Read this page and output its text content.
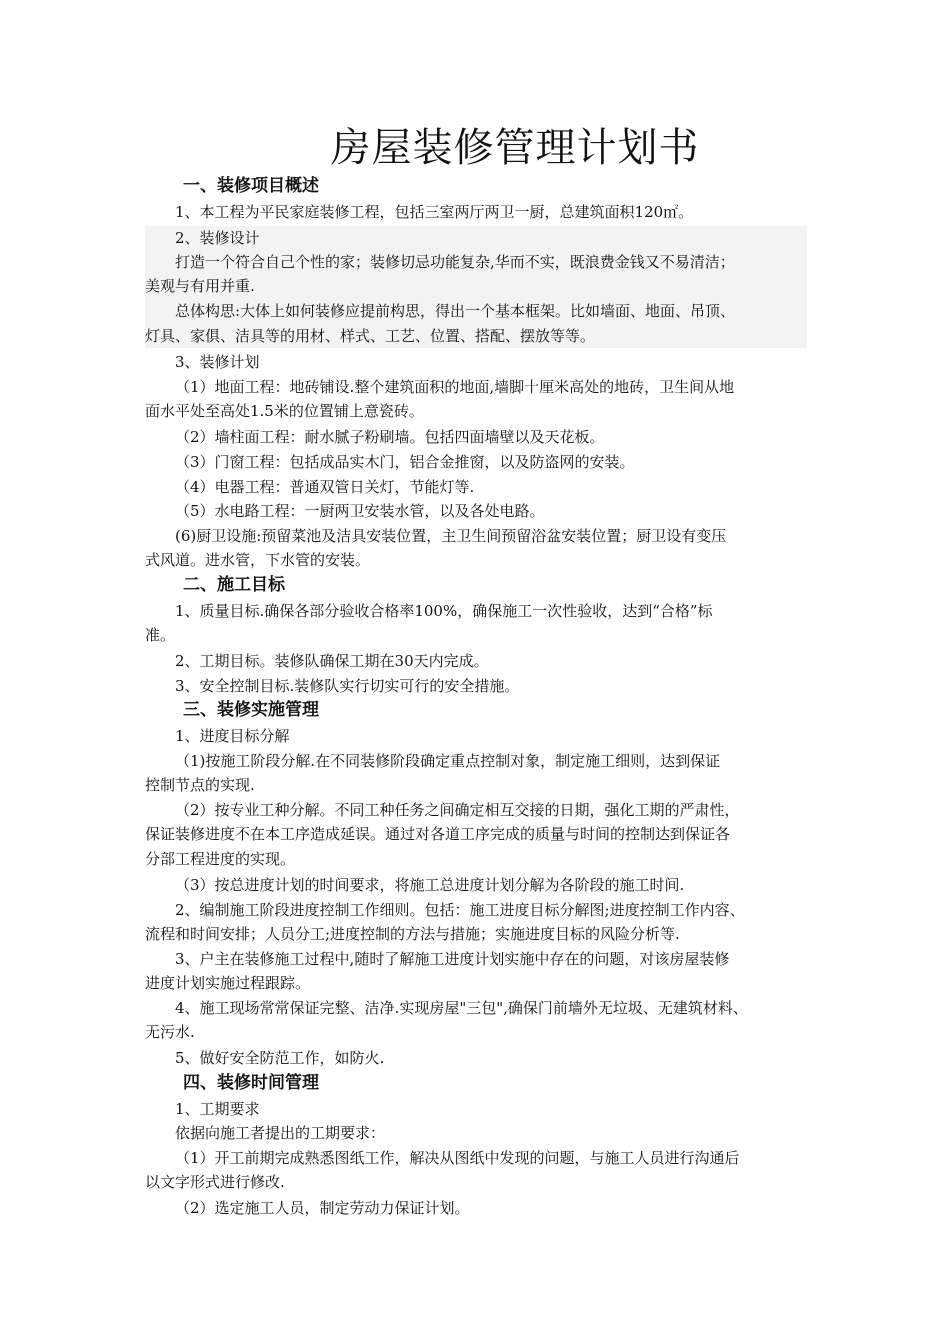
房屋装修管理计划书
一、装修项目概述
1、本工程为平民家庭装修工程，包括三室两厅两卫一厨，总建筑面积120㎡。
2、装修设计
打造一个符合自己个性的家；装修切忌功能复杂,华而不实，既浪费金钱又不易清洁；
美观与有用并重.
总体构思:大体上如何装修应提前构思，得出一个基本框架。比如墙面、地面、吊顶、
灯具、家俱、洁具等的用材、样式、工艺、位置、搭配、摆放等等。
3、装修计划
（1）地面工程：地砖铺设.整个建筑面积的地面,墙脚十厘米高处的地砖，卫生间从地
面水平处至高处1.5米的位置铺上意瓷砖。
（2）墙柱面工程：耐水腻子粉刷墙。包括四面墙壁以及天花板。
（3）门窗工程：包括成品实木门，铝合金推窗，以及防盗网的安装。
（4）电器工程：普通双管日关灯，节能灯等.
（5）水电路工程：一厨两卫安装水管，以及各处电路。
(6)厨卫设施:预留菜池及洁具安装位置，主卫生间预留浴盆安装位置；厨卫设有变压
式风道。进水管，下水管的安装。
二、施工目标
1、质量目标.确保各部分验收合格率100%，确保施工一次性验收，达到“合格”标
准。
2、工期目标。装修队确保工期在30天内完成。
3、安全控制目标.装修队实行切实可行的安全措施。
三、装修实施管理
1、进度目标分解
（1)按施工阶段分解.在不同装修阶段确定重点控制对象，制定施工细则，达到保证
控制节点的实现.
（2）按专业工种分解。不同工种任务之间确定相互交接的日期，强化工期的严肃性，
保证装修进度不在本工序造成延误。通过对各道工序完成的质量与时间的控制达到保证各
分部工程进度的实现。
（3）按总进度计划的时间要求，将施工总进度计划分解为各阶段的施工时间.
2、编制施工阶段进度控制工作细则。包括：施工进度目标分解图;进度控制工作内容、
流程和时间安排；人员分工;进度控制的方法与措施；实施进度目标的风险分析等.
3、户主在装修施工过程中,随时了解施工进度计划实施中存在的问题，对该房屋装修
进度计划实施过程跟踪。
4、施工现场常常保证完整、洁净.实现房屋"三包",确保门前墙外无垃圾、无建筑材料、
无污水.
5、做好安全防范工作，如防火.
四、装修时间管理
1、工期要求
依据向施工者提出的工期要求：
（1）开工前期完成熟悉图纸工作，解决从图纸中发现的问题，与施工人员进行沟通后
以文字形式进行修改.
（2）选定施工人员，制定劳动力保证计划。
